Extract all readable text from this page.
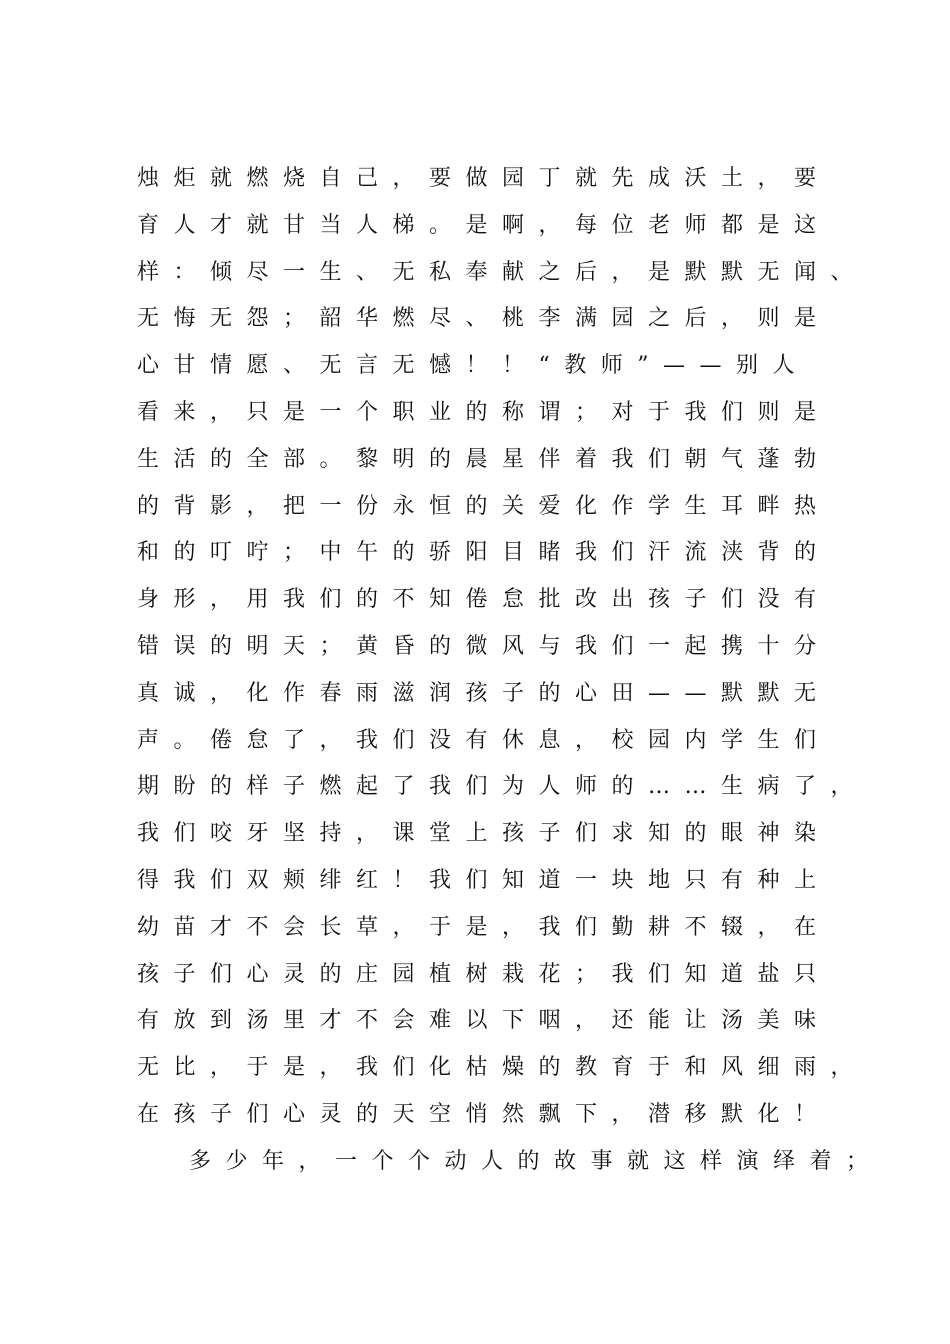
烛炬就燃烧自己，要做园丁就先成沃土，要
育人才就甘当人梯。是啊，每位老师都是这
样：倾尽一生、无私奉献之后，是默默无闻、
无悔无怨；韶华燃尽、桃李满园之后，则是
心甘情愿、无言无憾！！“教师”——别人
看来，只是一个职业的称谓；对于我们则是
生活的全部。黎明的晨星伴着我们朝气蓬勃
的背影，把一份永恒的关爱化作学生耳畔热
和的叮咛；中午的骄阳目睹我们汗流浃背的
身形，用我们的不知倦怠批改出孩子们没有
错误的明天；黄昏的微风与我们一起携十分
真诚，化作春雨滋润孩子的心田——默默无
声。倦怠了，我们没有休息，校园内学生们
期盼的样子燃起了我们为人师的……生病了，
我们咬牙坚持，课堂上孩子们求知的眼神染
得我们双颊绯红！我们知道一块地只有种上
幼苗才不会长草，于是，我们勤耕不辍，在
孩子们心灵的庄园植树栽花；我们知道盐只
有放到汤里才不会难以下咽，还能让汤美味
无比，于是，我们化枯燥的教育于和风细雨，
在孩子们心灵的天空悄然飘下，潜移默化！
多少年，一个个动人的故事就这样演绎着；
